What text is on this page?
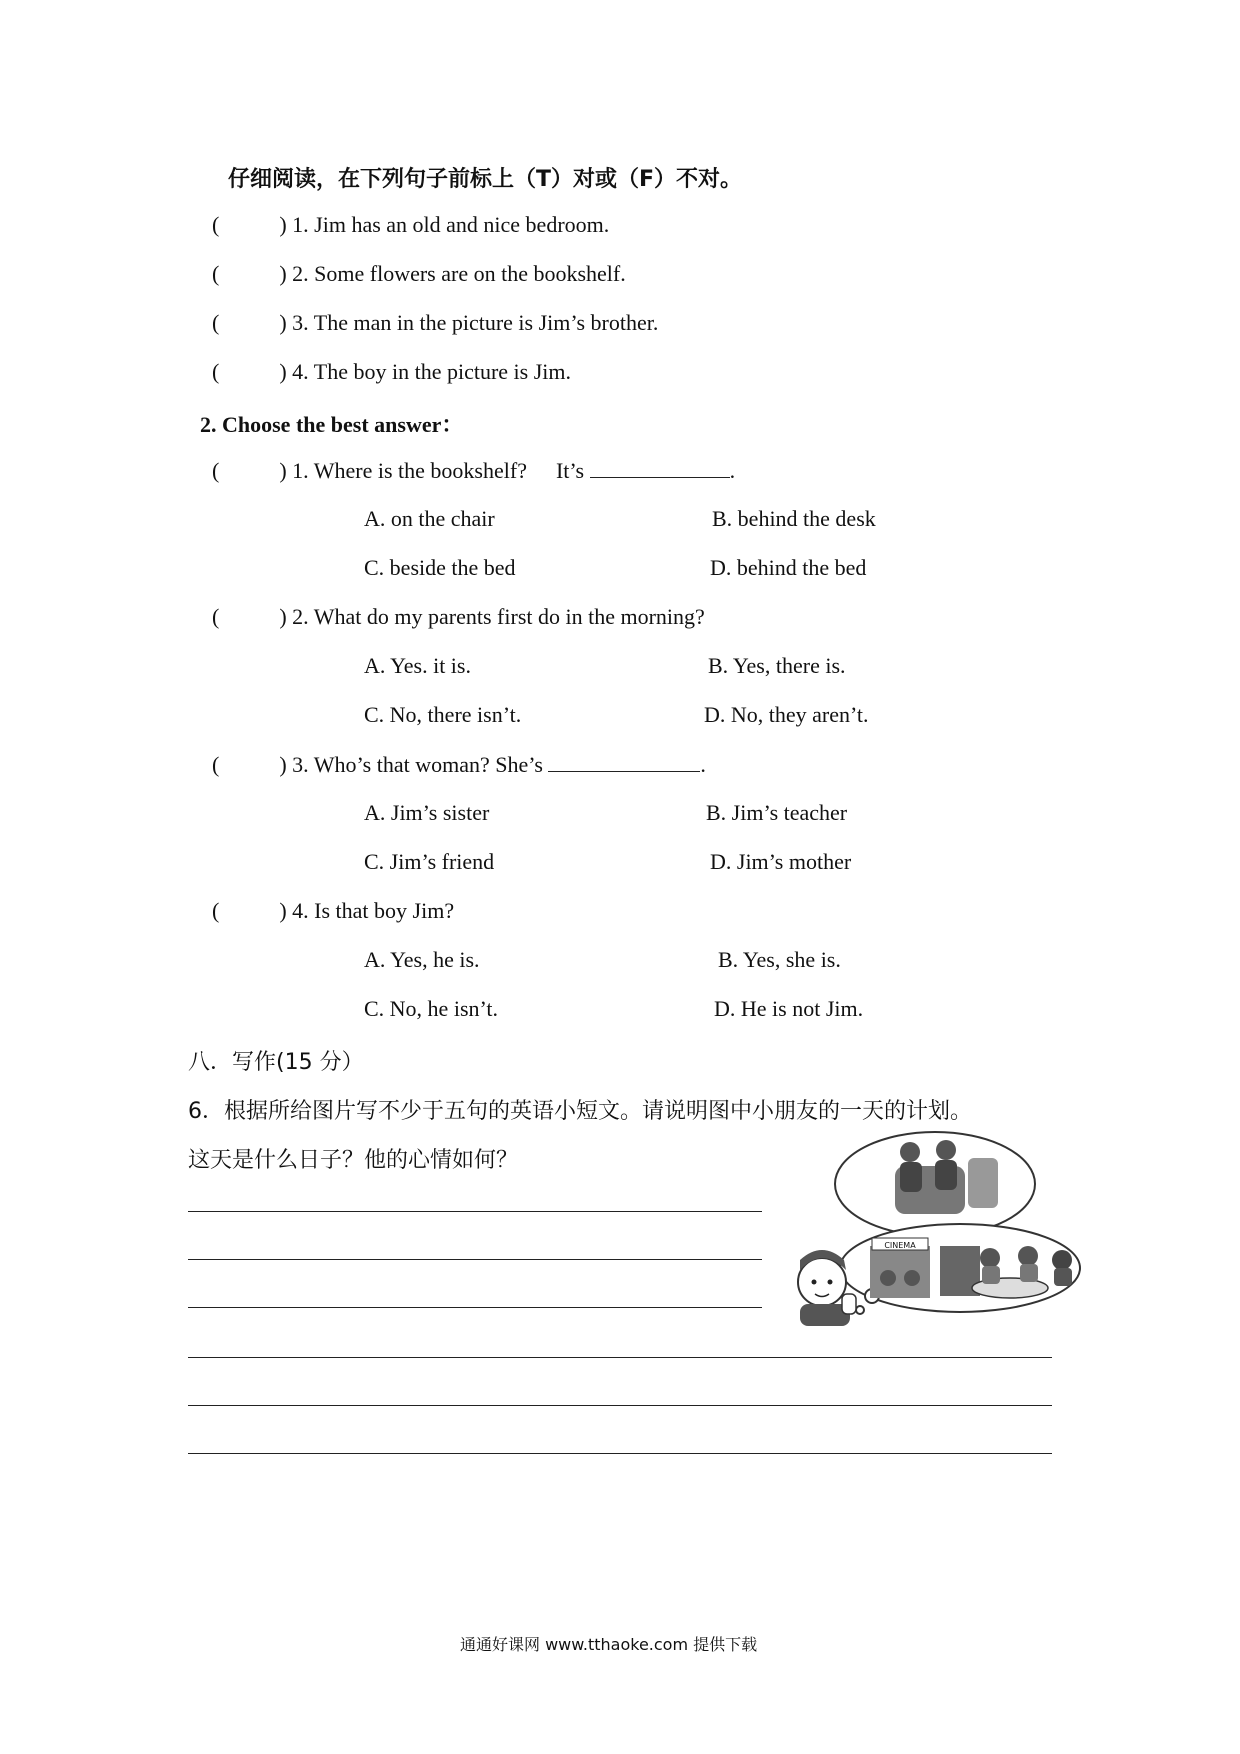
仔细阅读，在下列句子前标上（T）对或（F）不对。
(	) 1. Jim has an old and nice bedroom.
(	) 2. Some flowers are on the bookshelf.
(	) 3. The man in the picture is Jim’s brother.
(	) 4. The boy in the picture is Jim.
2. Choose the best answer：
(	) 1. Where is the bookshelf? It’s	.
A. on the chair	B. behind the desk
C. beside the bed	D. behind the bed
(	) 2. What do my parents first do in the morning?
A. Yes. it is.	B. Yes, there is.
C. No, there isn’t.	D. No, they aren’t.
(	) 3. Who’s that woman? She’s	.
A. Jim’s sister	B. Jim’s teacher
C. Jim’s friend	D. Jim’s mother
(	) 4. Is that boy Jim?
A. Yes, he is.	B. Yes, she is.
C. No, he isn’t.	D. He is not Jim.
八．写作(15 分）
6．根据所给图片写不少于五句的英语小短文。请说明图中小朋友的一天的计划。
这天是什么日子？他的心情如何？
CINEMA
通通好课网 www.tthaoke.com 提供下载
